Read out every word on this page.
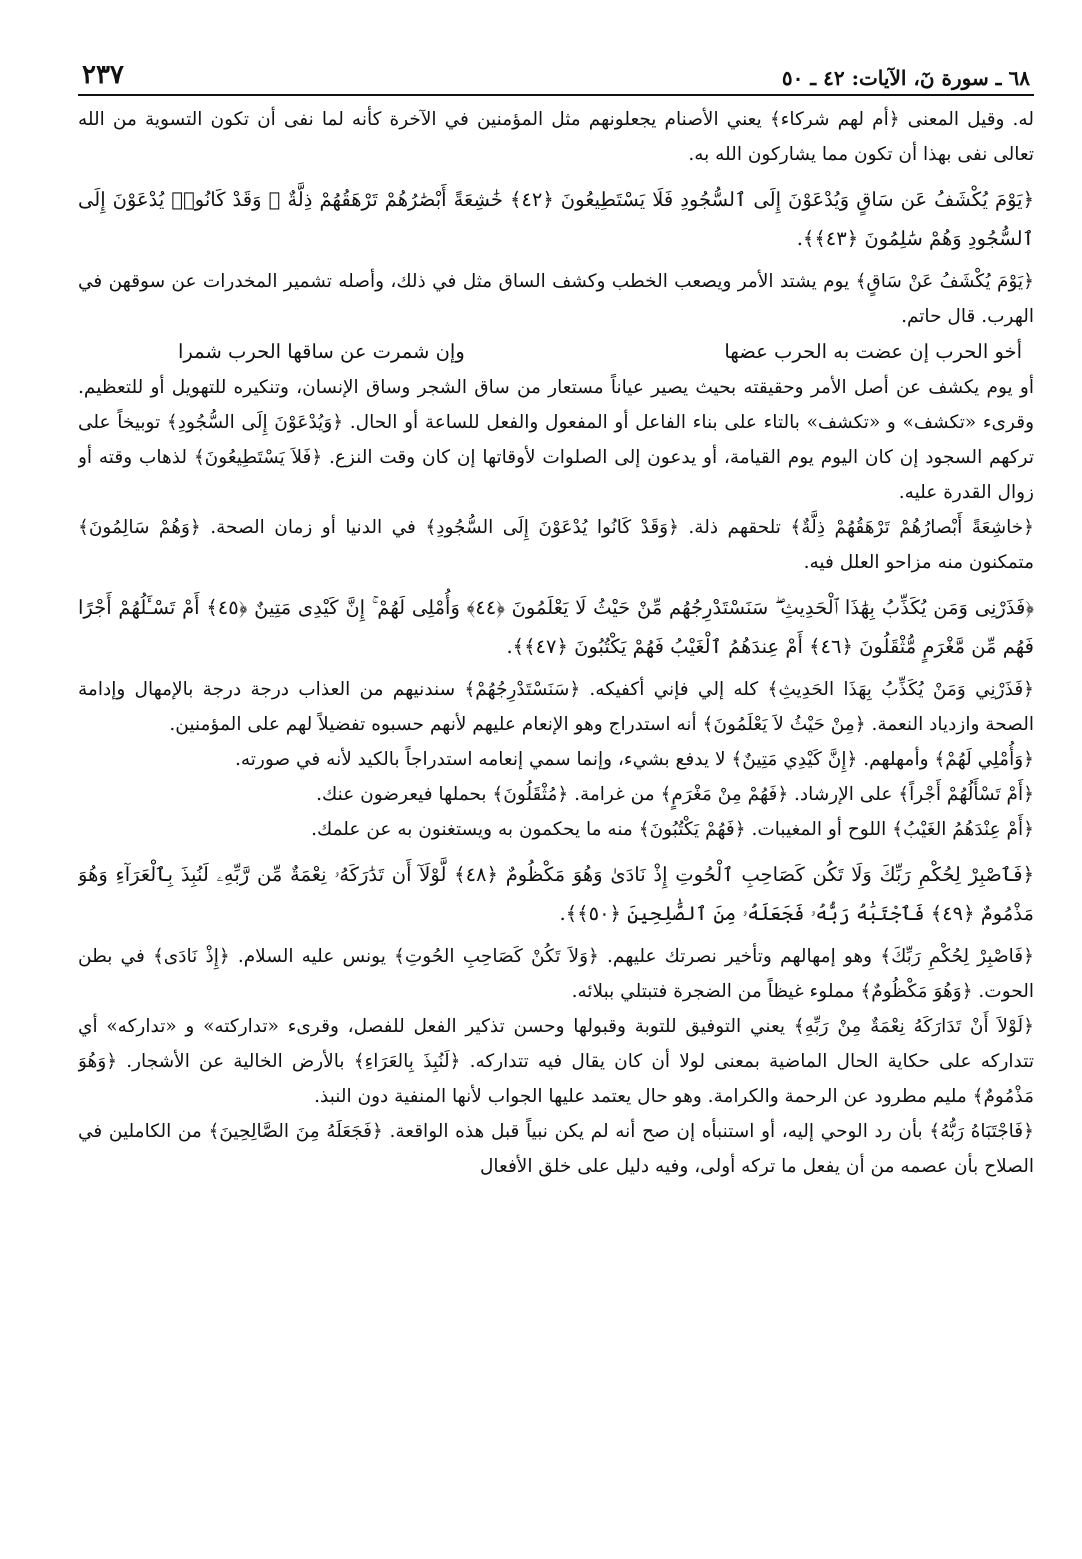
٦٨ ـ سورة نٓ، الآيات: ٤٢ ـ ٥٠
٢٣٧

له. وقيل المعنى ﴿أم لهم شركاء﴾ يعني الأصنام يجعلونهم مثل المؤمنين في الآخرة كأنه لما نفى أن تكون التسوية من الله تعالى نفى بهذا أن تكون مما يشاركون الله به.

﴿يَوْمَ يُكْشَفُ عَن سَاقٍ وَيُدْعَوْنَ إِلَى ٱلسُّجُودِ فَلَا يَسْتَطِيعُونَ ﴿٤٢﴾ خَٰشِعَةً أَبْصَٰرُهُمْ تَرْهَقُهُمْ ذِلَّةٌ ۖ وَقَدْ كَانُوا۟ يُدْعَوْنَ إِلَى ٱلسُّجُودِ وَهُمْ سَٰلِمُونَ ﴿٤٣﴾﴾.

﴿يَوْمَ يُكْشَفُ عَنْ سَاقٍ﴾ يوم يشتد الأمر ويصعب الخطب وكشف الساق مثل في ذلك، وأصله تشمير المخدرات عن سوقهن في الهرب. قال حاتم.

أخو الحرب إن عضت به الحرب عضها
وإن شمرت عن ساقها الحرب شمرا

أو يوم يكشف عن أصل الأمر وحقيقته بحيث يصير عياناً مستعار من ساق الشجر وساق الإنسان، وتنكيره للتهويل أو للتعظيم. وقرىء «تكشف» و «تكشف» بالتاء على بناء الفاعل أو المفعول والفعل للساعة أو الحال. ﴿وَيُدْعَوْنَ إِلَى السُّجُودِ﴾ توبيخاً على تركهم السجود إن كان اليوم يوم القيامة، أو يدعون إلى الصلوات لأوقاتها إن كان وقت النزع. ﴿فَلاَ يَسْتَطِيعُونَ﴾ لذهاب وقته أو زوال القدرة عليه.

﴿خاشِعَةً أَبْصارُهُمْ تَرْهَقُهُمْ ذِلَّةٌ﴾ تلحقهم ذلة. ﴿وَقَدْ كَانُوا يُدْعَوْنَ إِلَى السُّجُودِ﴾ في الدنيا أو زمان الصحة. ﴿وَهُمْ سَالِمُونَ﴾ متمكنون منه مزاحو العلل فيه.

﴿فَذَرْنِى وَمَن يُكَذِّبُ بِهَٰذَا ٱلْحَدِيثِ ۖ سَنَسْتَدْرِجُهُم مِّنْ حَيْثُ لَا يَعْلَمُونَ ﴿٤٤﴾ وَأُمْلِى لَهُمْ ۚ إِنَّ كَيْدِى مَتِينٌ ﴿٤٥﴾ أَمْ تَسْـَٔلُهُمْ أَجْرًا فَهُم مِّن مَّغْرَمٍ مُّثْقَلُونَ ﴿٤٦﴾ أَمْ عِندَهُمُ ٱلْغَيْبُ فَهُمْ يَكْتُبُونَ ﴿٤٧﴾﴾.

﴿فَذَرْنِي وَمَنْ يُكَذِّبُ بِهَذَا الحَدِيثِ﴾ كله إلي فإني أكفيكه. ﴿سَنَسْتَدْرِجُهُمْ﴾ سندنيهم من العذاب درجة درجة بالإمهال وإدامة الصحة وازدياد النعمة. ﴿مِنْ حَيْثُ لاَ يَعْلَمُونَ﴾ أنه استدراج وهو الإنعام عليهم لأنهم حسبوه تفضيلاً لهم على المؤمنين.

﴿وَأُمْلِي لَهُمْ﴾ وأمهلهم. ﴿إِنَّ كَيْدِي مَتِينٌ﴾ لا يدفع بشيء، وإنما سمي إنعامه استدراجاً بالكيد لأنه في صورته.

﴿أَمْ تَسْأَلُهُمْ أَجْراً﴾ على الإرشاد. ﴿فَهُمْ مِنْ مَغْرَمٍ﴾ من غرامة. ﴿مُثْقَلُونَ﴾ بحملها فيعرضون عنك.

﴿أَمْ عِنْدَهُمُ الغَيْبُ﴾ اللوح أو المغيبات. ﴿فَهُمْ يَكْتُبُونَ﴾ منه ما يحكمون به ويستغنون به عن علمك.

﴿فَٱصْبِرْ لِحُكْمِ رَبِّكَ وَلَا تَكُن كَصَاحِبِ ٱلْحُوتِ إِذْ نَادَىٰ وَهُوَ مَكْظُومٌ ﴿٤٨﴾ لَّوْلَآ أَن تَدَٰرَكَهُۥ نِعْمَةٌ مِّن رَّبِّهِۦ لَنُبِذَ بِٱلْعَرَآءِ وَهُوَ مَذْمُومٌ ﴿٤٩﴾ فَٱجْتَبَٰهُ رَبُّهُۥ فَجَعَلَهُۥ مِنَ ٱلصَّٰلِحِينَ ﴿٥٠﴾﴾.

﴿فَاصْبِرْ لِحُكْمِ رَبِّكَ﴾ وهو إمهالهم وتأخير نصرتك عليهم. ﴿وَلاَ تَكُنْ كَصَاحِبِ الحُوتِ﴾ يونس عليه السلام. ﴿إِذْ نَادَى﴾ في بطن الحوت. ﴿وَهُوَ مَكْظُومٌ﴾ مملوء غيظاً من الضجرة فتبتلي ببلائه.

﴿لَوْلاَ أَنْ تَدَارَكَهُ نِعْمَةٌ مِنْ رَبِّهِ﴾ يعني التوفيق للتوبة وقبولها وحسن تذكير الفعل للفصل، وقرىء «تداركته» و «تداركه» أي تتداركه على حكاية الحال الماضية بمعنى لولا أن كان يقال فيه تتداركه. ﴿لَنُبِذَ بِالعَرَاءِ﴾ بالأرض الخالية عن الأشجار. ﴿وَهُوَ مَذْمُومٌ﴾ مليم مطرود عن الرحمة والكرامة. وهو حال يعتمد عليها الجواب لأنها المنفية دون النبذ.

﴿فَاجْتَبَاهُ رَبُّهُ﴾ بأن رد الوحي إليه، أو استنبأه إن صح أنه لم يكن نبياً قبل هذه الواقعة. ﴿فَجَعَلَهُ مِنَ الصَّالِحِينَ﴾ من الكاملين في الصلاح بأن عصمه من أن يفعل ما تركه أولى، وفيه دليل على خلق الأفعال
